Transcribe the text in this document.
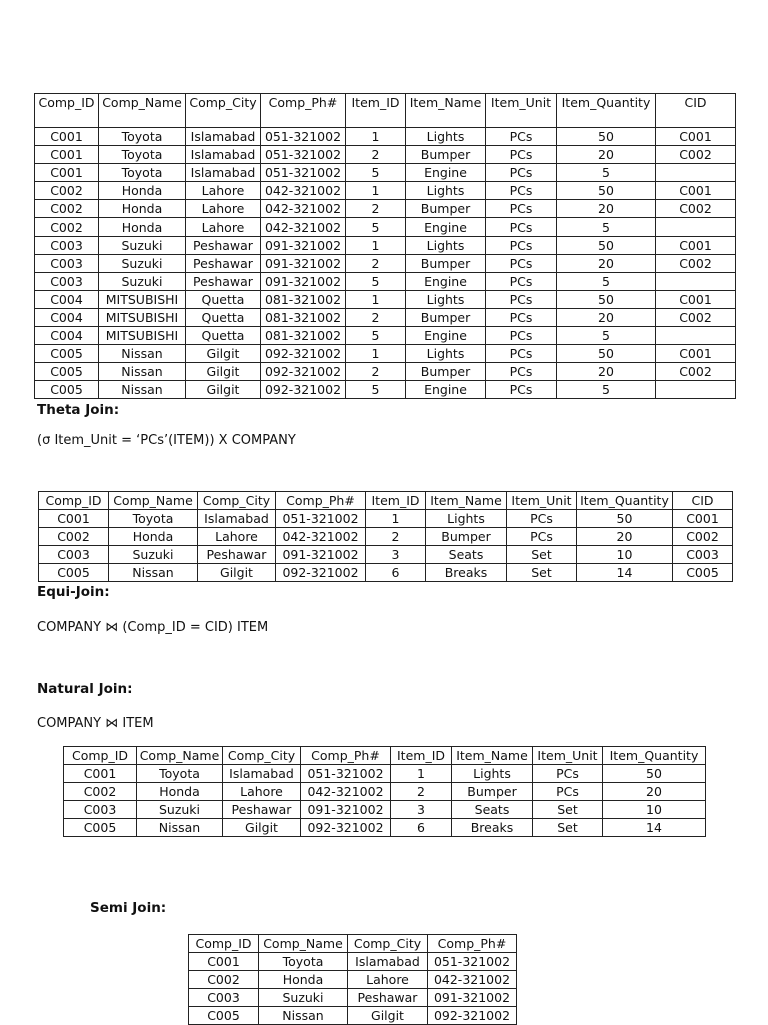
Comp_ID	Comp_Name	Comp_City	Comp_Ph#	Item_ID	Item_Name	Item_Unit	Item_Quantity	CID
C001	Toyota	Islamabad	051-321002	1	Lights	PCs	50	C001
C001	Toyota	Islamabad	051-321002	2	Bumper	PCs	20	C002
C001	Toyota	Islamabad	051-321002	5	Engine	PCs	5	
C002	Honda	Lahore	042-321002	1	Lights	PCs	50	C001
C002	Honda	Lahore	042-321002	2	Bumper	PCs	20	C002
C002	Honda	Lahore	042-321002	5	Engine	PCs	5	
C003	Suzuki	Peshawar	091-321002	1	Lights	PCs	50	C001
C003	Suzuki	Peshawar	091-321002	2	Bumper	PCs	20	C002
C003	Suzuki	Peshawar	091-321002	5	Engine	PCs	5	
C004	MITSUBISHI	Quetta	081-321002	1	Lights	PCs	50	C001
C004	MITSUBISHI	Quetta	081-321002	2	Bumper	PCs	20	C002
C004	MITSUBISHI	Quetta	081-321002	5	Engine	PCs	5	
C005	Nissan	Gilgit	092-321002	1	Lights	PCs	50	C001
C005	Nissan	Gilgit	092-321002	2	Bumper	PCs	20	C002
C005	Nissan	Gilgit	092-321002	5	Engine	PCs	5	

Theta Join:

(σ Item_Unit = ‘PCs’(ITEM)) X COMPANY

Comp_ID	Comp_Name	Comp_City	Comp_Ph#	Item_ID	Item_Name	Item_Unit	Item_Quantity	CID
C001	Toyota	Islamabad	051-321002	1	Lights	PCs	50	C001
C002	Honda	Lahore	042-321002	2	Bumper	PCs	20	C002
C003	Suzuki	Peshawar	091-321002	3	Seats	Set	10	C003
C005	Nissan	Gilgit	092-321002	6	Breaks	Set	14	C005

Equi-Join:

COMPANY ⋈ (Comp_ID = CID) ITEM

Natural Join:

COMPANY ⋈ ITEM

Comp_ID	Comp_Name	Comp_City	Comp_Ph#	Item_ID	Item_Name	Item_Unit	Item_Quantity
C001	Toyota	Islamabad	051-321002	1	Lights	PCs	50
C002	Honda	Lahore	042-321002	2	Bumper	PCs	20
C003	Suzuki	Peshawar	091-321002	3	Seats	Set	10
C005	Nissan	Gilgit	092-321002	6	Breaks	Set	14

Semi Join:

Comp_ID	Comp_Name	Comp_City	Comp_Ph#
C001	Toyota	Islamabad	051-321002
C002	Honda	Lahore	042-321002
C003	Suzuki	Peshawar	091-321002
C005	Nissan	Gilgit	092-321002
